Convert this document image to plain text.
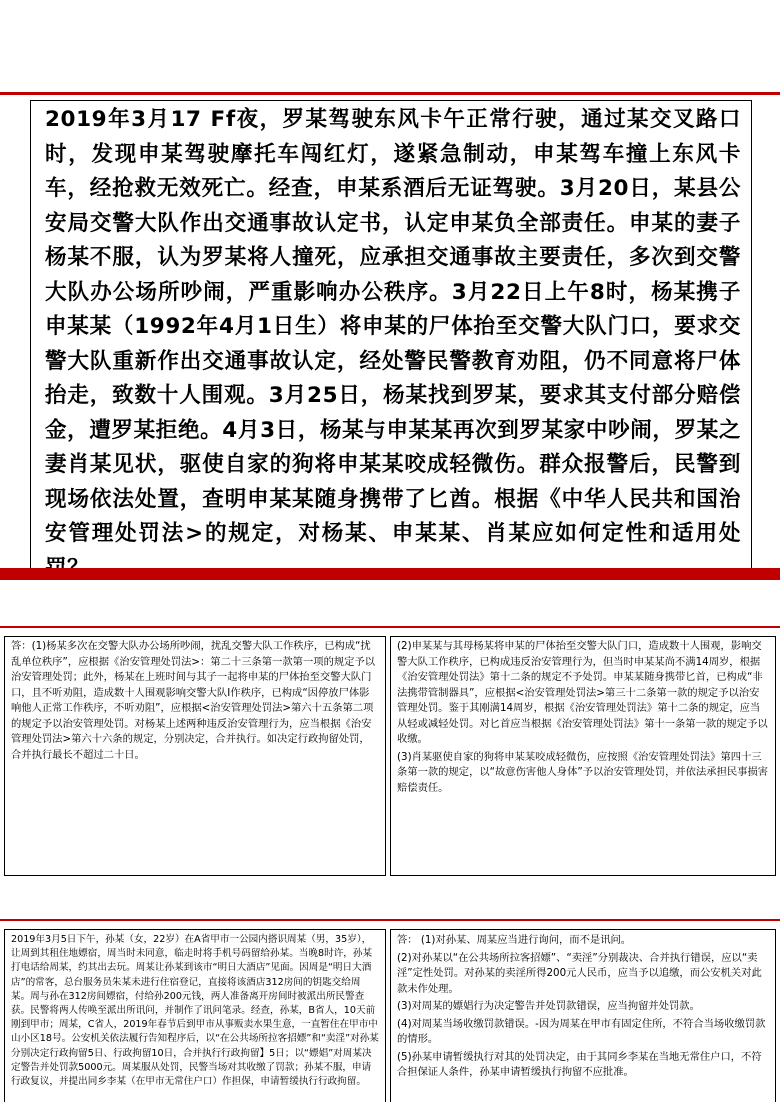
2019年3月17 Ff夜，罗某驾驶东风卡午正常行驶，通过某交叉路口时，发现申某驾驶摩托车闯红灯，遂紧急制动，申某驾车撞上东风卡车，经抢救无效死亡。经查，申某系酒后无证驾驶。3月20日，某县公安局交警大队作出交通事故认定书，认定申某负全部责任。申某的妻子杨某不服，认为罗某将人撞死，应承担交通事故主要责任，多次到交警大队办公场所吵闹，严重影响办公秩序。3月22日上午8时，杨某携子申某某（1992年4月1日生）将申某的尸体抬至交警大队门口，要求交警大队重新作出交通事故认定，经处警民警教育劝阻，仍不同意将尸体抬走，致数十人围观。3月25日，杨某找到罗某，要求其支付部分赔偿金，遭罗某拒绝。4月3日，杨某与申某某再次到罗某家中吵闹，罗某之妻肖某见状，驱使自家的狗将申某某咬成轻微伤。群众报警后，民警到现场依法处置，查明申某某随身携带了匕酋。根据《中华人民共和国治安管理处罚法>的规定，对杨某、申某某、肖某应如何定性和适用处

答：(1)杨某多次在交警大队办公场所吵闹，扰乱交警大队工作秩序，已构成“扰乱单位秩序”，应根据《治安管理处罚法>：第二十三条第一款第一项的规定予以治安管理处罚；此外，杨某在上班时间与其子一起将申某的尸体抬至交警大队门口，且不听劝阻，造成数十人围观影响交警大队I作秩序，已构成“因停放尸体影响他人正常工作秩序，不听劝阻”，应根据<治安管理处罚法>第六十五条第二项的规定予以治安管理处罚。对杨某上述两种违反治安管理行为，应当根据《治安管理处罚法>第六十六条的规定，分别决定，合并执行。如决定行政拘留处罚，合并执行最长不超过二十日。

(2)申某某与其母杨某将申某的尸体抬至交警大队门口，造成数十人围观，影响交警大队工作秩序，已构成违反治安管理行为，但当时申某某尚不满14周岁，根据《治安管理处罚法》第十二条的规定不予处罚。申某某随身携带匕首，已构成“非法携带管制器具”，应根据<治安管理处罚法>第三十二条第一款的规定予以治安管理处罚。鉴于其刚满14周岁，根据《治安管理处罚法》第十二条的规定，应当从轻或减轻处罚。对匕首应当根据《治安管理处罚法》第十一条第一款的规定予以收缴。

(3)肖某驱使自家的狗将申某某咬成轻微伤，应按照《治安管理处罚法》第四十三条第一款的规定，以“故意伤害他人身体”予以治安管理处罚，并依法承担民事损害赔偿责任。

2019年3月5日下午，孙某（女，22岁）在A省甲市一公园内搭识周某（男，35岁），让周到其租住地嫖宿，周当时未同意，临走时将手机号码留给孙某。当晚8时许，孙某打电话给周某，约其出去玩。周某让孙某到该市“明日大酒店”见面。因周是“明日大酒店”的常客，总台服务员朱某未进行住宿登记，直接将该酒店312房间的钥匙交给周某。周与孙在312房间嫖宿，付给孙200元钱，两人准备离开房间时被派出所民警查获。民警将两人传唤至派出所讯问，并制作了讯问笔录。经查，孙某，B省人，10天前刚到甲市；周某，C省人，2019年春节后到甲市从事贩卖水果生意，一直暂住在甲市中山小区18号。公安机关依法履行告知程序后，以“在公共场所拉客招嫖”和“卖淫”对孙某分别决定行政拘留5日、行政拘留10日，合并执行行政拘留】5日；以“嫖娼”对周某决定警告并处罚款5000元。周某服从处罚，民警当场对其收缴了罚款；孙某不服，申请行政复议，并提出同乡李某（在甲市无常住户口）作担保，申请暂缓执行行政拘留。

答： (1)对孙某、周某应当进行询问，而不是讯问。

(2)对孙某以“在公共场所拉客招嫖”、“卖淫”分别裁决、合并执行错误，应以“卖淫”定性处罚。对孙某的卖淫所得200元人民币，应当予以追缴，而公安机关对此款未作处理。

(3)对周某的嫖娼行为决定警告并处罚款错误，应当拘留并处罚款。

(4)对周某当场收缴罚款错误。-因为周某在甲市有固定住所，不符合当场收缴罚款的情形。

(5)孙某申请暂缓执行对其的处罚决定，由于其同乡李某在当地无常住户口，不符合担保证人条件，孙某申请暂缓执行拘留不应批准。
